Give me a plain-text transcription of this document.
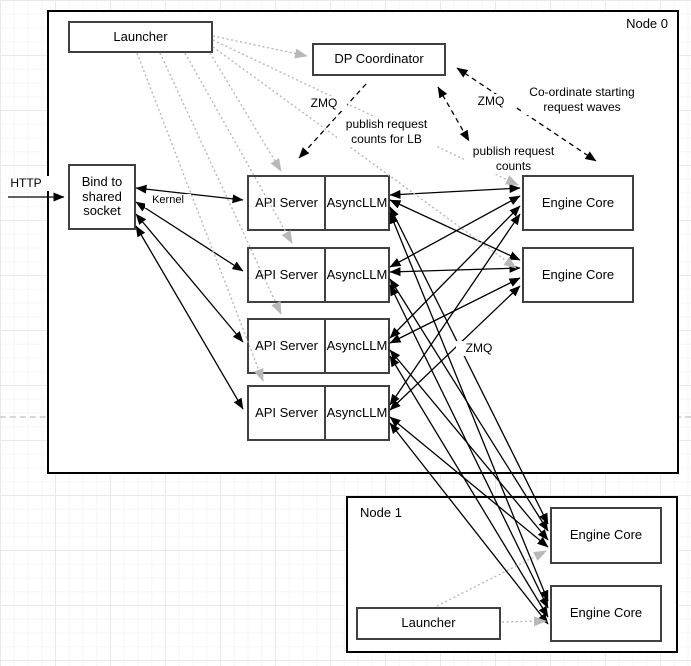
Node 0
Node 1
Launcher
DP Coordinator
Bind to shared socket
API Server AsyncLLM
API Server AsyncLLM
API Server AsyncLLM
API Server AsyncLLM
Engine Core
Engine Core
Launcher
Engine Core
Engine Core
HTTP
Kernel
ZMQ
publish request counts for LB
ZMQ
Co-ordinate starting request waves
publish request counts
ZMQ
